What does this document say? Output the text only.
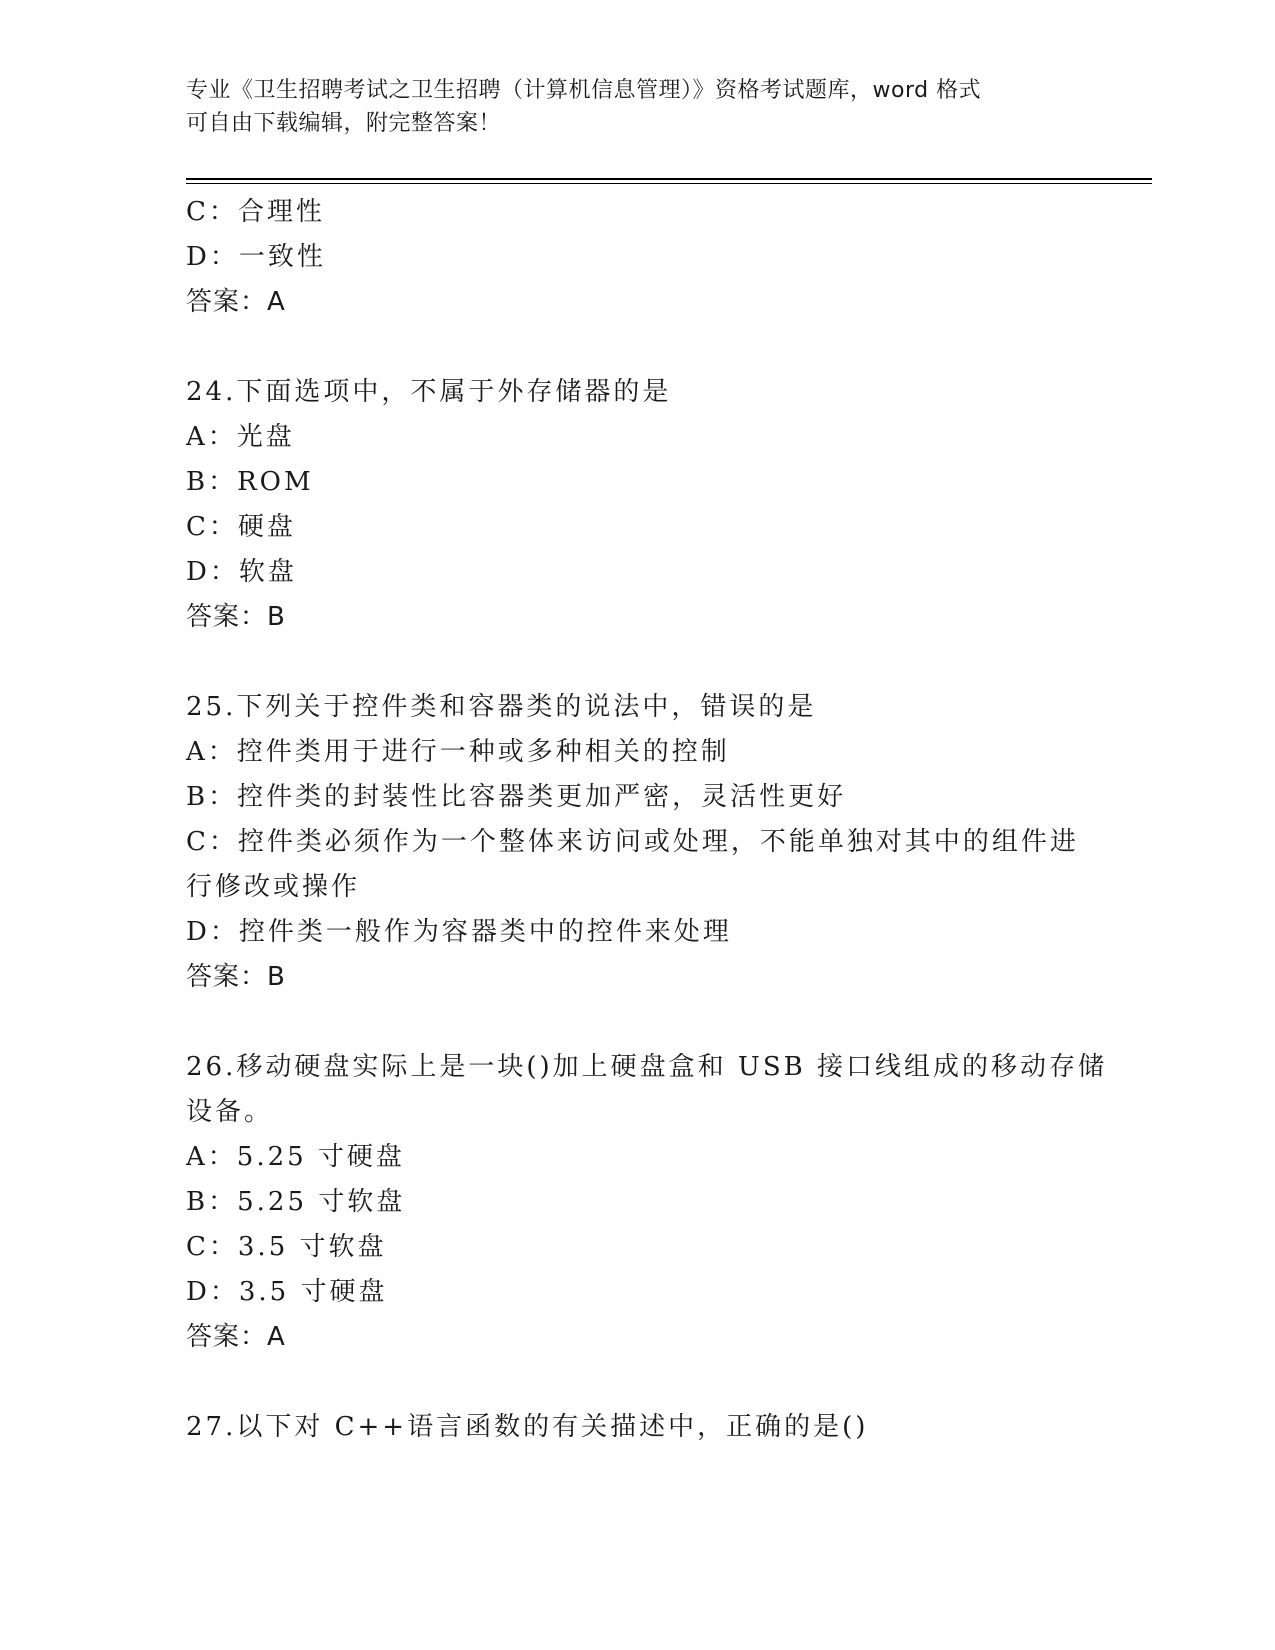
专业《卫生招聘考试之卫生招聘（计算机信息管理）》资格考试题库，word 格式
可自由下载编辑，附完整答案！
C：合理性
D：一致性
答案：A
24.下面选项中，不属于外存储器的是
A：光盘
B：ROM
C：硬盘
D：软盘
答案：B
25.下列关于控件类和容器类的说法中，错误的是
A：控件类用于进行一种或多种相关的控制
B：控件类的封装性比容器类更加严密，灵活性更好
C：控件类必须作为一个整体来访问或处理，不能单独对其中的组件进
行修改或操作
D：控件类一般作为容器类中的控件来处理
答案：B
26.移动硬盘实际上是一块()加上硬盘盒和 USB 接口线组成的移动存储
设备。
A：5.25 寸硬盘
B：5.25 寸软盘
C：3.5 寸软盘
D：3.5 寸硬盘
答案：A
27.以下对 C++语言函数的有关描述中，正确的是()
